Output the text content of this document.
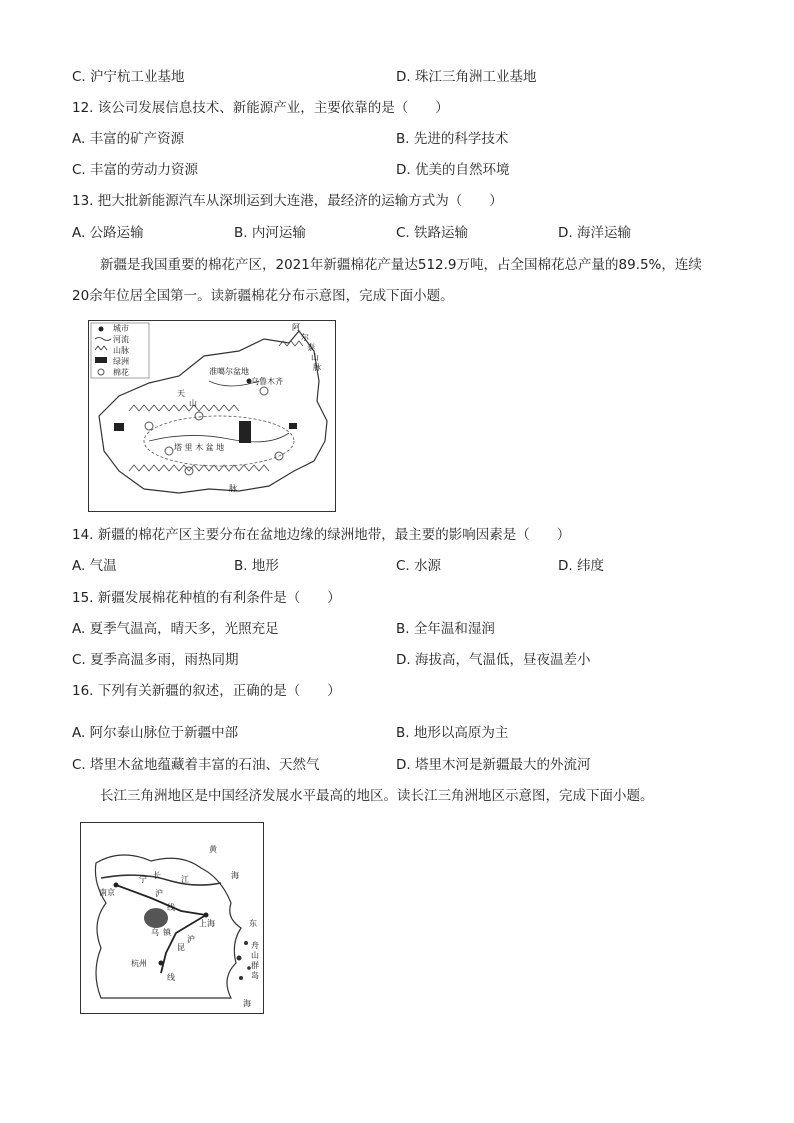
C. 沪宁杭工业基地	D. 珠江三角洲工业基地
12. 该公司发展信息技术、新能源产业，主要依靠的是（　　）
A. 丰富的矿产资源	B. 先进的科学技术
C. 丰富的劳动力资源	D. 优美的自然环境
13. 把大批新能源汽车从深圳运到大连港，最经济的运输方式为（　　）
A. 公路运输	B. 内河运输	C. 铁路运输	D. 海洋运输
新疆是我国重要的棉花产区，2021年新疆棉花产量达512.9万吨，占全国棉花总产量的89.5%，连续
20余年位居全国第一。读新疆棉花分布示意图，完成下面小题。
城市
河流
山脉
绿洲
棉花
阿
尔
泰
山
脉
准噶尔盆地
乌鲁木齐
天
山
塔 里 木 盆 地
脉
14. 新疆的棉花产区主要分布在盆地边缘的绿洲地带，最主要的影响因素是（　　）
A. 气温	B. 地形	C. 水源	D. 纬度
15. 新疆发展棉花种植的有利条件是（　　）
A. 夏季气温高，晴天多，光照充足	B. 全年温和湿润
C. 夏季高温多雨，雨热同期	D. 海拔高，气温低，昼夜温差小
16. 下列有关新疆的叙述，正确的是（　　）
A. 阿尔泰山脉位于新疆中部	B. 地形以高原为主
C. 塔里木盆地蕴藏着丰富的石油、天然气	D. 塔里木河是新疆最大的外流河
长江三角洲地区是中国经济发展水平最高的地区。读长江三角洲地区示意图，完成下面小题。
黄
海
南京
宁 长	江
沪
线
上海
乌 镇
沪
昆
杭州
线
东
舟
山
群
岛
海
